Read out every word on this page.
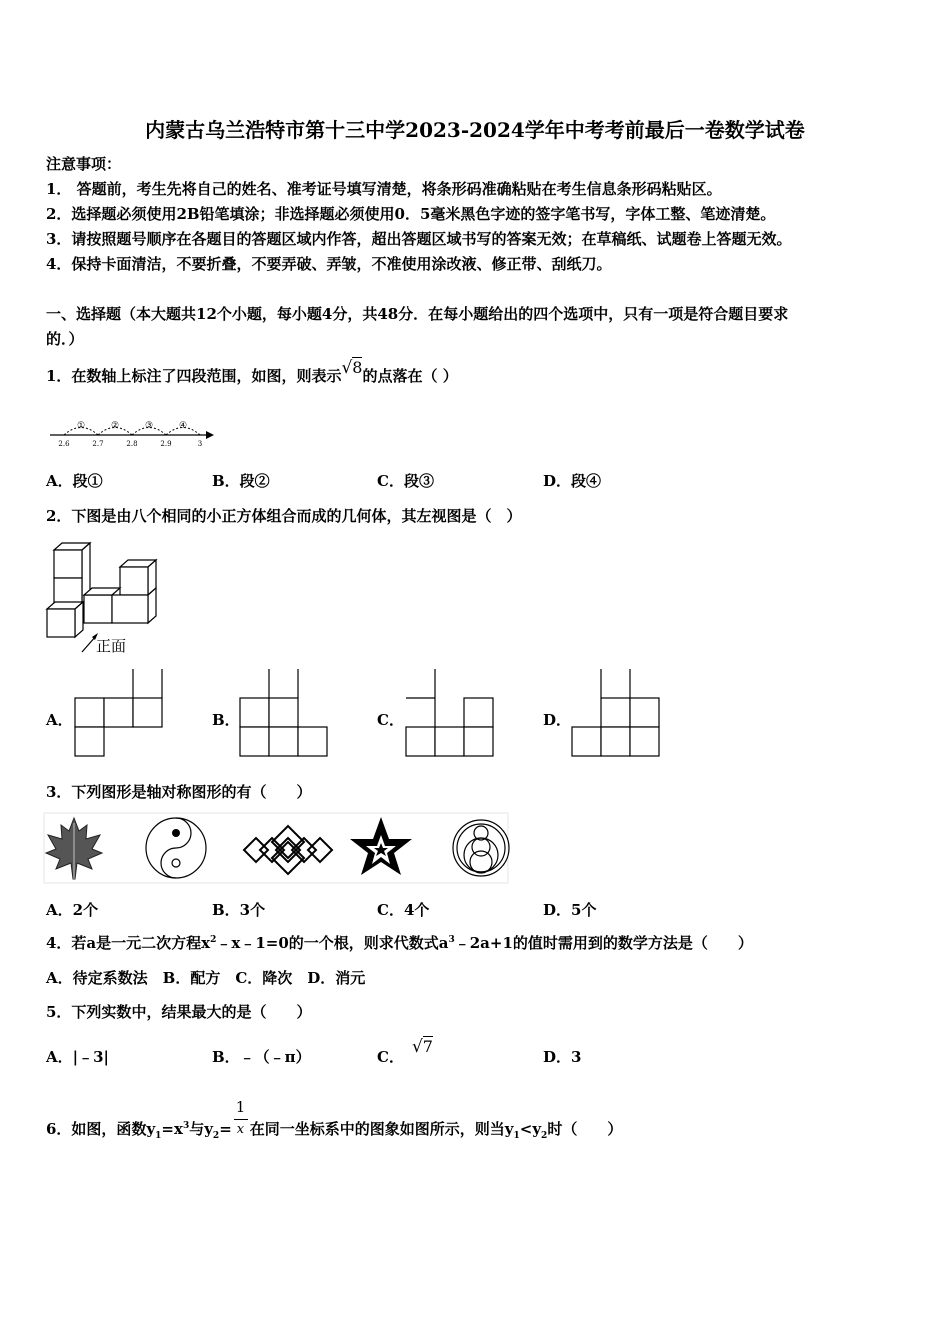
内蒙古乌兰浩特市第十三中学2023-2024学年中考考前最后一卷数学试卷
注意事项：
1． 答题前，考生先将自己的姓名、准考证号填写清楚，将条形码准确粘贴在考生信息条形码粘贴区。
2．选择题必须使用2B铅笔填涂；非选择题必须使用0．5毫米黑色字迹的签字笔书写，字体工整、笔迹清楚。
3．请按照题号顺序在各题目的答题区域内作答，超出答题区域书写的答案无效；在草稿纸、试题卷上答题无效。
4．保持卡面清洁，不要折叠，不要弄破、弄皱，不准使用涂改液、修正带、刮纸刀。
一、选择题（本大题共12个小题，每小题4分，共48分．在每小题给出的四个选项中，只有一项是符合题目要求
的．）
1．在数轴上标注了四段范围，如图，则表示√8的点落在（ ）
①	②	③	④
2.6	2.7	2.8	2.9	3
A．段①	B．段②	C．段③	D．段④
2．下图是由八个相同的小正方体组合而成的几何体，其左视图是（　）
正面
A．	B．	C．	D．
3．下列图形是轴对称图形的有（　　）
A．2个	B．3个	C．4个	D．5个
4．若a是一元二次方程$x^2﹣x﹣1=0$的一个根，则求代数式$a^3﹣2a+1$的值时需用到的数学方法是（　　）
A．待定系数法　B．配方　C．降次　D．消元
5．下列实数中，结果最大的是（　　）
A．|﹣3|	B．﹣（﹣π）	C． √7
D．3
6．如图，函数$y_1=x^3$与$y_2=$
1
x 在同一坐标系中的图象如图所示，则当$y_1<y_2$时（　　）
